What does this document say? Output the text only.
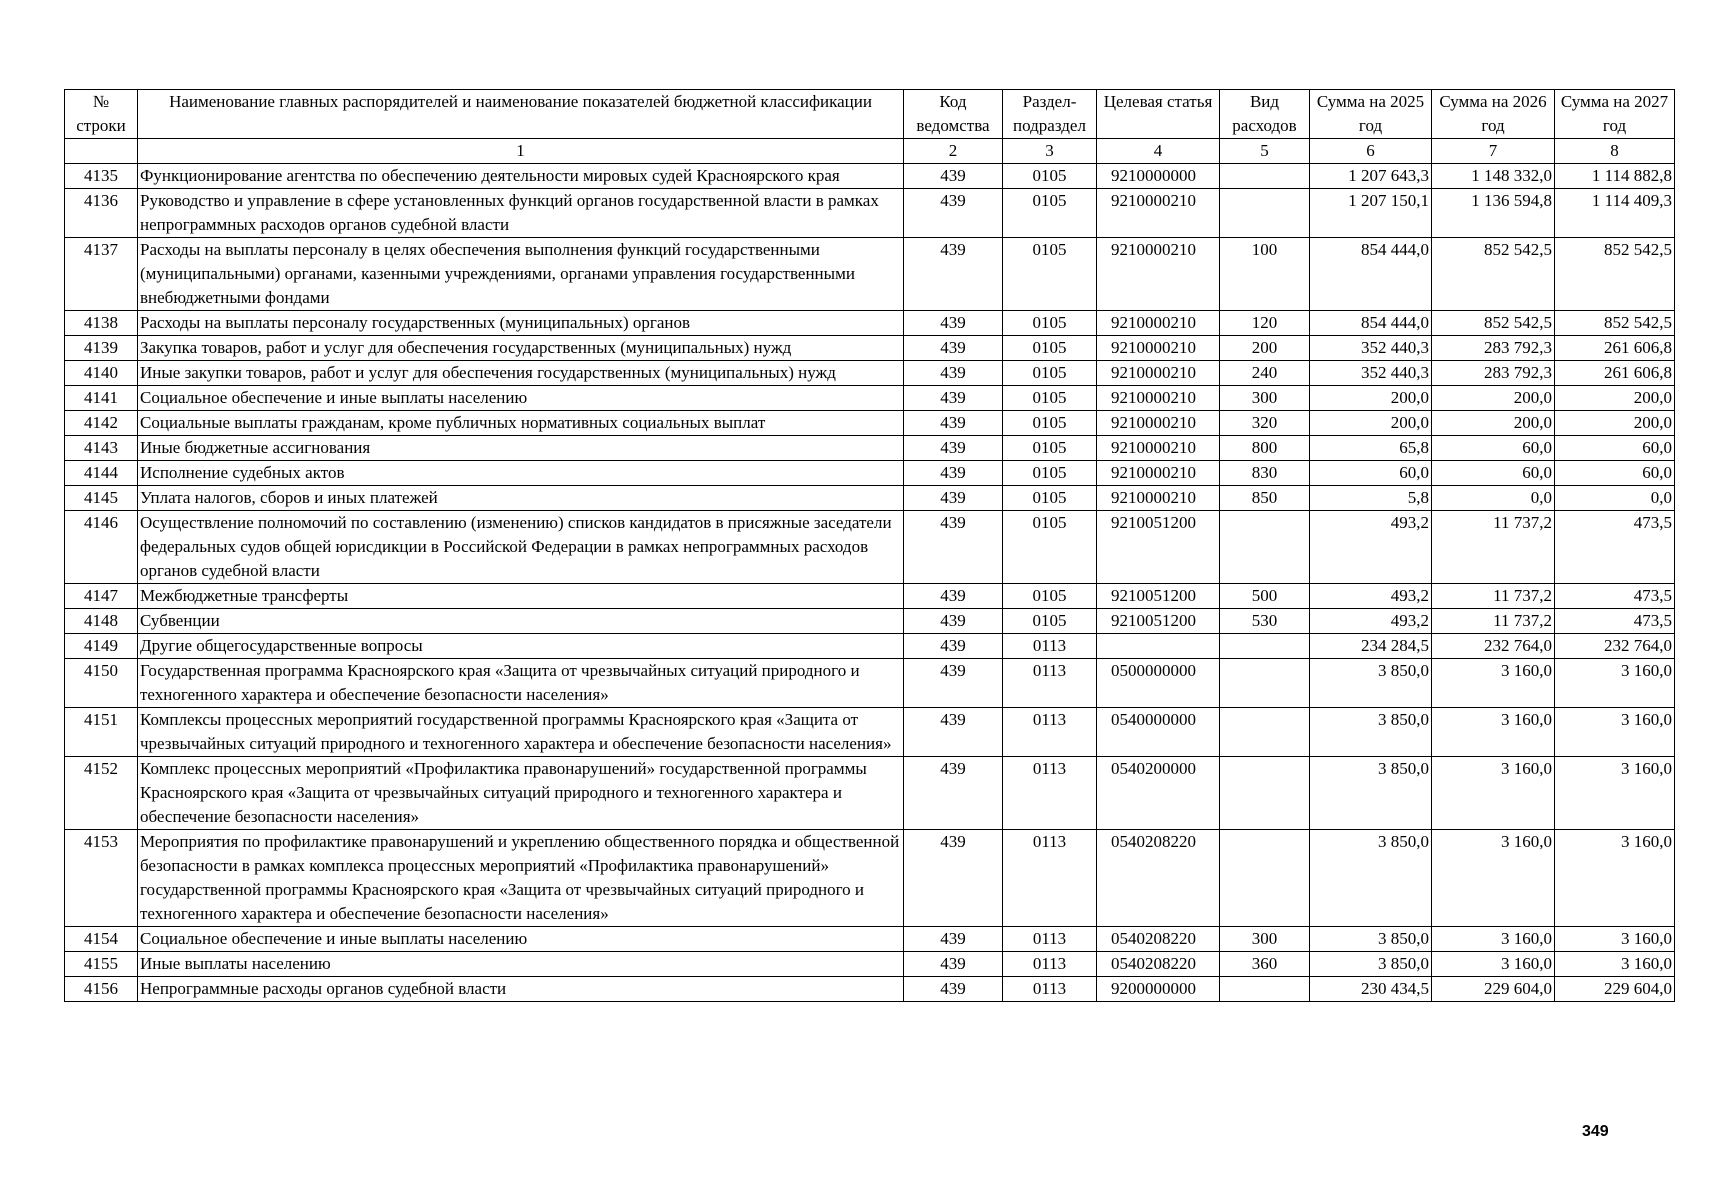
№ строки	Наименование главных распорядителей и наименование показателей бюджетной классификации	Код ведомства	Раздел-подраздел	Целевая статья	Вид расходов	Сумма на 2025 год	Сумма на 2026 год	Сумма на 2027 год
	1	2	3	4	5	6	7	8
4135	Функционирование агентства по обеспечению деятельности мировых судей Красноярского края	439	0105	9210000000		1 207 643,3	1 148 332,0	1 114 882,8
4136	Руководство и управление в сфере установленных функций органов государственной власти в рамках непрограммных расходов органов судебной власти	439	0105	9210000210		1 207 150,1	1 136 594,8	1 114 409,3
4137	Расходы на выплаты персоналу в целях обеспечения выполнения функций государственными (муниципальными) органами, казенными учреждениями, органами управления государственными внебюджетными фондами	439	0105	9210000210	100	854 444,0	852 542,5	852 542,5
4138	Расходы на выплаты персоналу государственных (муниципальных) органов	439	0105	9210000210	120	854 444,0	852 542,5	852 542,5
4139	Закупка товаров, работ и услуг для обеспечения государственных (муниципальных) нужд	439	0105	9210000210	200	352 440,3	283 792,3	261 606,8
4140	Иные закупки товаров, работ и услуг для обеспечения государственных (муниципальных) нужд	439	0105	9210000210	240	352 440,3	283 792,3	261 606,8
4141	Социальное обеспечение и иные выплаты населению	439	0105	9210000210	300	200,0	200,0	200,0
4142	Социальные выплаты гражданам, кроме публичных нормативных социальных выплат	439	0105	9210000210	320	200,0	200,0	200,0
4143	Иные бюджетные ассигнования	439	0105	9210000210	800	65,8	60,0	60,0
4144	Исполнение судебных актов	439	0105	9210000210	830	60,0	60,0	60,0
4145	Уплата налогов, сборов и иных платежей	439	0105	9210000210	850	5,8	0,0	0,0
4146	Осуществление полномочий по составлению (изменению) списков кандидатов в присяжные заседатели федеральных судов общей юрисдикции в Российской Федерации в рамках непрограммных расходов органов судебной власти	439	0105	9210051200		493,2	11 737,2	473,5
4147	Межбюджетные трансферты	439	0105	9210051200	500	493,2	11 737,2	473,5
4148	Субвенции	439	0105	9210051200	530	493,2	11 737,2	473,5
4149	Другие общегосударственные вопросы	439	0113			234 284,5	232 764,0	232 764,0
4150	Государственная программа Красноярского края «Защита от чрезвычайных ситуаций природного и техногенного характера и обеспечение безопасности населения»	439	0113	0500000000		3 850,0	3 160,0	3 160,0
4151	Комплексы процессных мероприятий государственной программы Красноярского края «Защита от чрезвычайных ситуаций природного и техногенного характера и обеспечение безопасности населения»	439	0113	0540000000		3 850,0	3 160,0	3 160,0
4152	Комплекс процессных мероприятий «Профилактика правонарушений» государственной программы Красноярского края «Защита от чрезвычайных ситуаций природного и техногенного характера и обеспечение безопасности населения»	439	0113	0540200000		3 850,0	3 160,0	3 160,0
4153	Мероприятия по профилактике правонарушений и укреплению общественного порядка и общественной безопасности в рамках комплекса процессных мероприятий «Профилактика правонарушений» государственной программы Красноярского края «Защита от чрезвычайных ситуаций природного и техногенного характера и обеспечение безопасности населения»	439	0113	0540208220		3 850,0	3 160,0	3 160,0
4154	Социальное обеспечение и иные выплаты населению	439	0113	0540208220	300	3 850,0	3 160,0	3 160,0
4155	Иные выплаты населению	439	0113	0540208220	360	3 850,0	3 160,0	3 160,0
4156	Непрограммные расходы органов судебной власти	439	0113	9200000000		230 434,5	229 604,0	229 604,0
349
